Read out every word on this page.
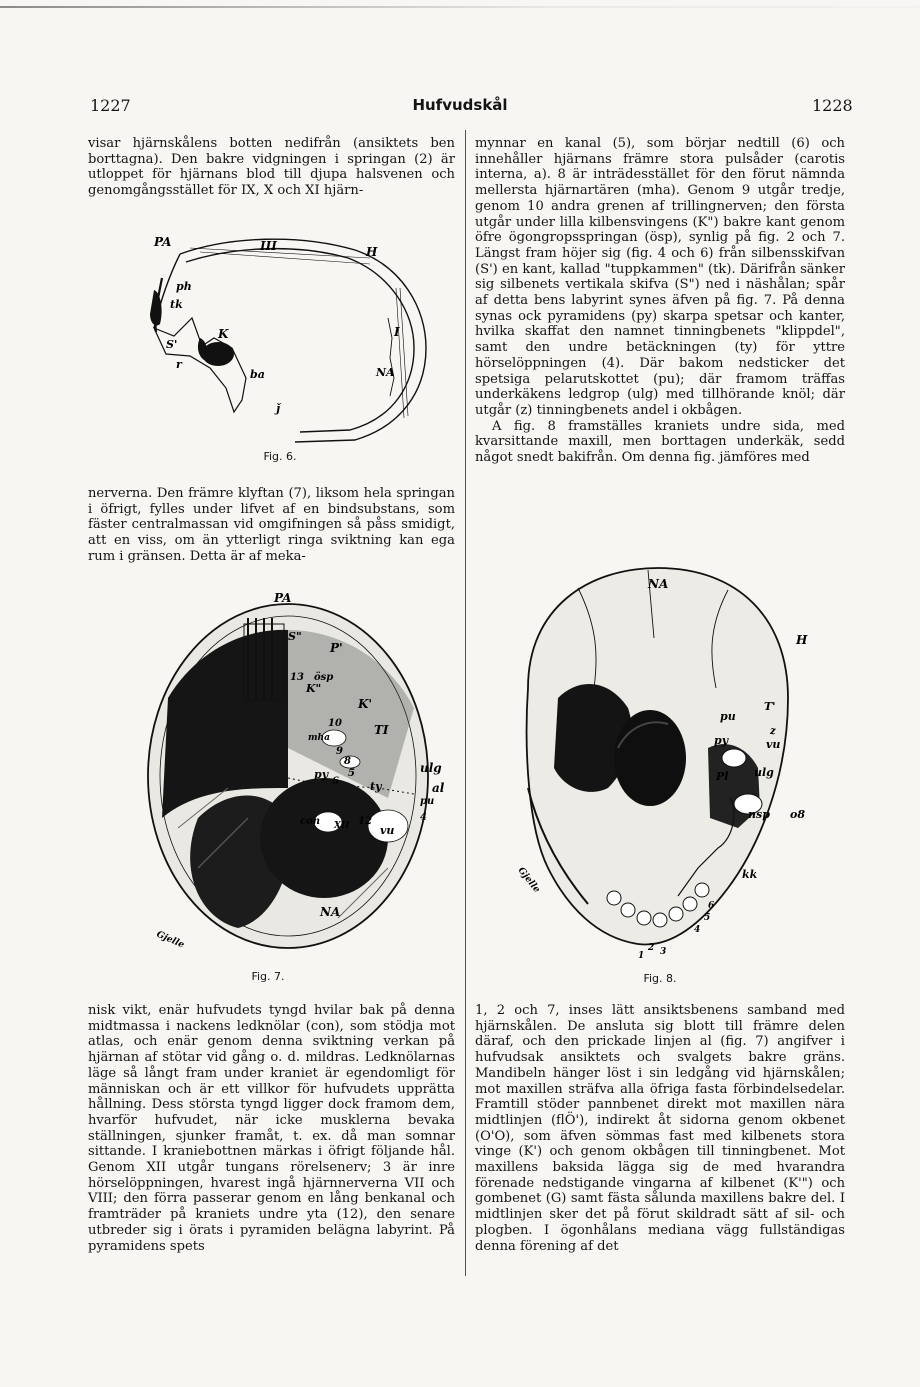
1227	Hufvudskål	1228

visar hjärnskålens botten nedifrån (ansiktets ben borttagna). Den bakre vidgningen i springan (2) är utloppet för hjärnans blod till djupa halsvenen och genomgångsstället för IX, X och XI hjärn-

PA	III	H
ph
tk
S'
K
r
I
ba	NA
ǰ
Fig. 6.

nerverna. Den främre klyftan (7), liksom hela springan i öfrigt, fylles under lifvet af en bindsubstans, som fäster centralmassan vid omgifningen så påss smidigt, att en viss, om än ytterligt ringa sviktning kan ega rum i gränsen. Detta är af meka-

PA
S"
P'
13 ösp
K"
K'
TI
10
9
8
mha
5
py
6
ulg
al
ty
pu
4
con XII 12
vu
NA
Gjelle
Fig. 7.

nisk vikt, enär hufvudets tyngd hvilar bak på denna midtmassa i nackens ledknölar (con), som stödja mot atlas, och enär genom denna sviktning verkan på hjärnan af stötar vid gång o. d. mildras. Ledknölarnas läge så långt fram under kraniet är egendomligt för människan och är ett villkor för hufvudets upprätta hållning. Dess största tyngd ligger dock framom dem, hvarför hufvudet, när icke musklerna bevaka ställningen, sjunker framåt, t. ex. då man somnar sittande. I kraniebottnen märkas i öfrigt följande hål. Genom XII utgår tungans rörelsenerv; 3 är inre hörselöppningen, hvarest ingå hjärnnerverna VII och VIII; den förra passerar genom en lång benkanal och framträder på kraniets undre yta (12), den senare utbreder sig i örats i pyramiden belägna labyrint. På pyramidens spets

mynnar en kanal (5), som börjar nedtill (6) och innehåller hjärnans främre stora pulsåder (carotis interna, a). 8 är inträdesstället för den förut nämnda mellersta hjärnartären (mha). Genom 9 utgår tredje, genom 10 andra grenen af trillingnerven; den första utgår under lilla kilbensvingens (K") bakre kant genom öfre ögongropsspringan (ösp), synlig på fig. 2 och 7. Längst fram höjer sig (fig. 4 och 6) från silbensskifvan (S') en kant, kallad "tuppkammen" (tk). Därifrån sänker sig silbenets vertikala skifva (S") ned i näshålan; spår af detta bens labyrint synes äfven på fig. 7. På denna synas ock pyramidens (py) skarpa spetsar och kanter, hvilka skaffat den namnet tinningbenets "klippdel", samt den undre betäckningen (ty) för yttre hörselöppningen (4). Där bakom nedsticker det spetsiga pelarutskottet (pu); där framom träffas underkäkens ledgrop (ulg) med tillhörande knöl; där utgår (z) tinningbenets andel i okbågen.

A fig. 8 framställes kraniets undre sida, med kvarsittande maxill, men borttagen underkäk, sedd något snedt bakifrån. Om denna fig. jämföres med

NA
H
pu
T'
py
z
vu
Pl ulg
nsp o8
kk
Gjelle
1
2 3
4
5
6
Fig. 8.

1, 2 och 7, inses lätt ansiktsbenens samband med hjärnskålen. De ansluta sig blott till främre delen däraf, och den prickade linjen al (fig. 7) angifver i hufvudsak ansiktets och svalgets bakre gräns. Mandibeln hänger löst i sin ledgång vid hjärnskålen; mot maxillen sträfva alla öfriga fasta förbindelsedelar. Framtill stöder pannbenet direkt mot maxillen nära midtlinjen (flÖ'), indirekt åt sidorna genom okbenet (O'O), som äfven sömmas fast med kilbenets stora vinge (K') och genom okbågen till tinningbenet. Mot maxillens baksida lägga sig de med hvarandra förenade nedstigande vingarna af kilbenet (K'") och gombenet (G) samt fästa sålunda maxillens bakre del. I midtlinjen sker det på förut skildradt sätt af sil- och plogben. I ögonhålans mediana vägg fullständigas denna förening af det
